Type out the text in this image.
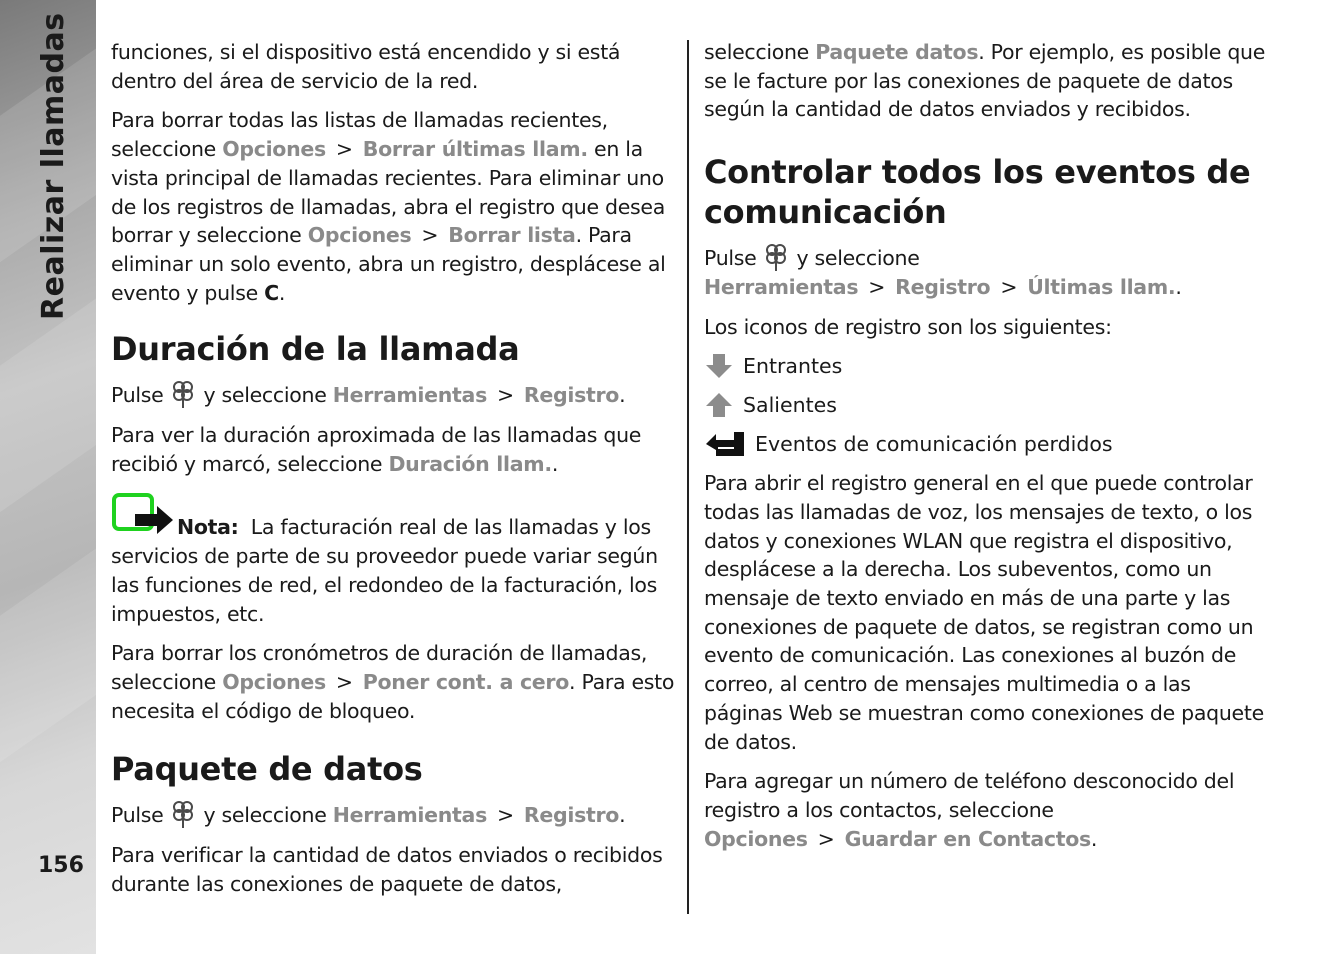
Realizar llamadas
156

funciones, si el dispositivo está encendido y si está dentro del área de servicio de la red.

Para borrar todas las listas de llamadas recientes, seleccione Opciones > Borrar últimas llam. en la vista principal de llamadas recientes. Para eliminar uno de los registros de llamadas, abra el registro que desea borrar y seleccione Opciones > Borrar lista. Para eliminar un solo evento, abra un registro, desplácese al evento y pulse C.

Duración de la llamada

Pulse y seleccione Herramientas > Registro.

Para ver la duración aproximada de las llamadas que recibió y marcó, seleccione Duración llam..

Nota: La facturación real de las llamadas y los servicios de parte de su proveedor puede variar según las funciones de red, el redondeo de la facturación, los impuestos, etc.

Para borrar los cronómetros de duración de llamadas, seleccione Opciones > Poner cont. a cero. Para esto necesita el código de bloqueo.

Paquete de datos

Pulse y seleccione Herramientas > Registro.

Para verificar la cantidad de datos enviados o recibidos durante las conexiones de paquete de datos,

seleccione Paquete datos. Por ejemplo, es posible que se le facture por las conexiones de paquete de datos según la cantidad de datos enviados y recibidos.

Controlar todos los eventos de comunicación

Pulse y seleccione Herramientas > Registro > Últimas llam..

Los iconos de registro son los siguientes:

Entrantes
Salientes
Eventos de comunicación perdidos

Para abrir el registro general en el que puede controlar todas las llamadas de voz, los mensajes de texto, o los datos y conexiones WLAN que registra el dispositivo, desplácese a la derecha. Los subeventos, como un mensaje de texto enviado en más de una parte y las conexiones de paquete de datos, se registran como un evento de comunicación. Las conexiones al buzón de correo, al centro de mensajes multimedia o a las páginas Web se muestran como conexiones de paquete de datos.

Para agregar un número de teléfono desconocido del registro a los contactos, seleccione Opciones > Guardar en Contactos.
